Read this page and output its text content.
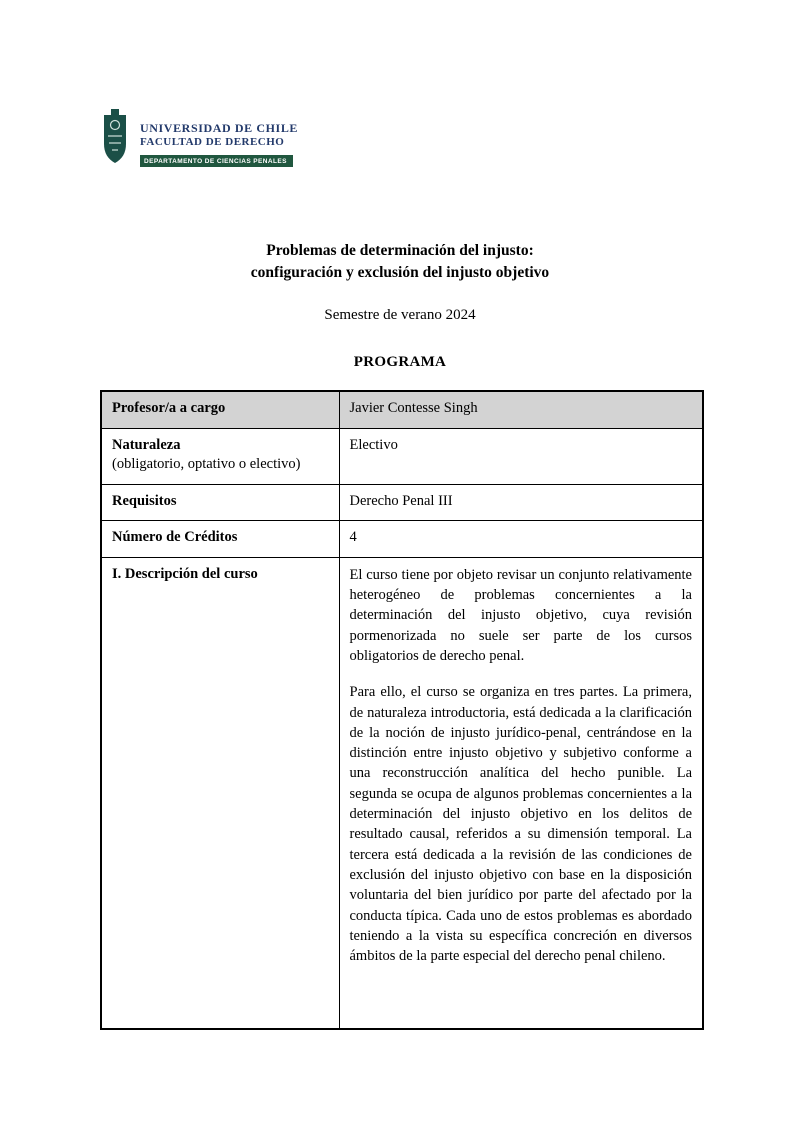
UNIVERSIDAD DE CHILE
FACULTAD DE DERECHO
DEPARTAMENTO DE CIENCIAS PENALES
Problemas de determinación del injusto:
configuración y exclusión del injusto objetivo
Semestre de verano 2024
PROGRAMA
Profesor/a a cargo	Javier Contesse Singh

Naturaleza
(obligatorio, optativo o electivo)	Electivo
Requisitos	Derecho Penal III
Número de Créditos	4
I. Descripción del curso	El curso tiene por objeto revisar un conjunto relativamente heterogéneo de problemas concernientes a la determinación del injusto objetivo, cuya revisión pormenorizada no suele ser parte de los cursos obligatorios de derecho penal.

Para ello, el curso se organiza en tres partes. La primera, de naturaleza introductoria, está dedicada a la clarificación de la noción de injusto jurídico-penal, centrándose en la distinción entre injusto objetivo y subjetivo conforme a una reconstrucción analítica del hecho punible. La segunda se ocupa de algunos problemas concernientes a la determinación del injusto objetivo en los delitos de resultado causal, referidos a su dimensión temporal. La tercera está dedicada a la revisión de las condiciones de exclusión del injusto objetivo con base en la disposición voluntaria del bien jurídico por parte del afectado por la conducta típica. Cada uno de estos problemas es abordado teniendo a la vista su específica concreción en diversos ámbitos de la parte especial del derecho penal chileno.
